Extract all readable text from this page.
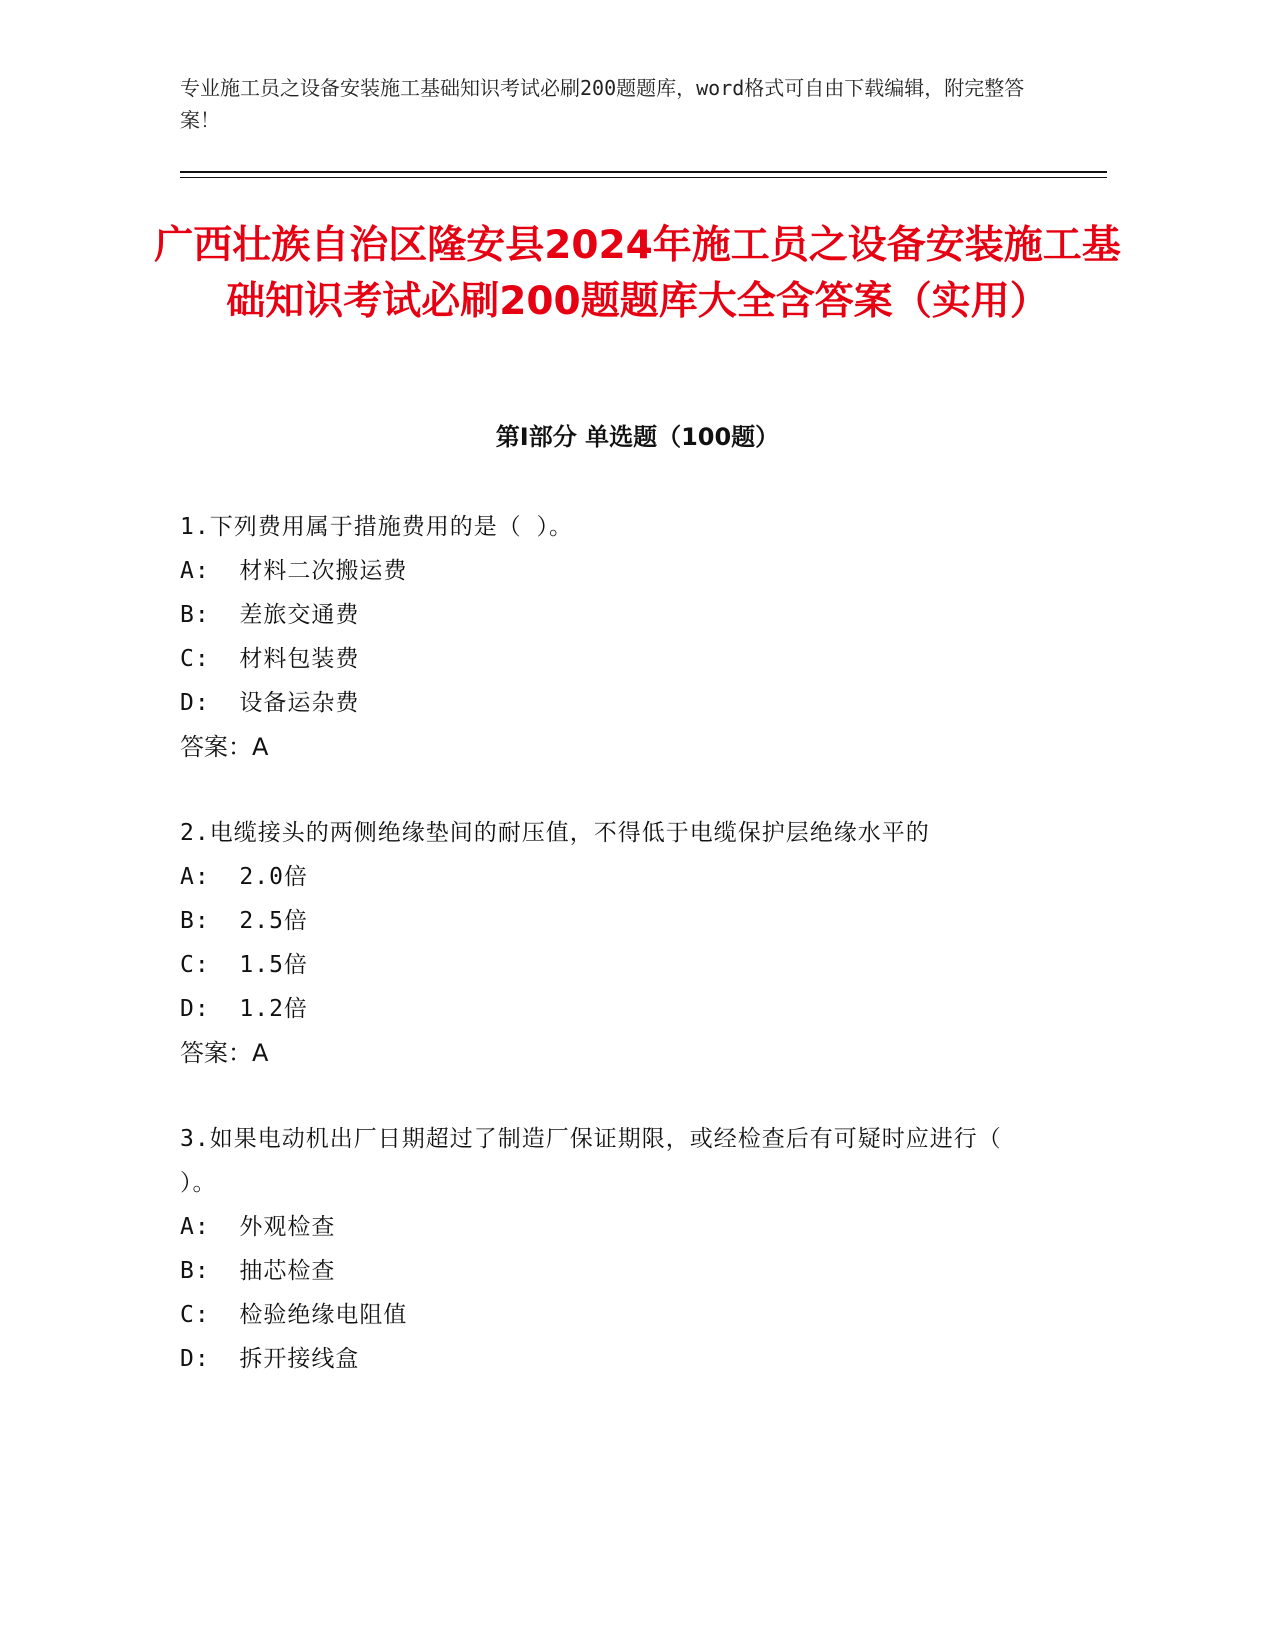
专业施工员之设备安装施工基础知识考试必刷200题题库，word格式可自由下载编辑，附完整答案！
广西壮族自治区隆安县2024年施工员之设备安装施工基础知识考试必刷200题题库大全含答案（实用）
第I部分 单选题（100题）
1.下列费用属于措施费用的是（ ）。
A:  材料二次搬运费
B:  差旅交通费
C:  材料包装费
D:  设备运杂费
答案：A
2.电缆接头的两侧绝缘垫间的耐压值，不得低于电缆保护层绝缘水平的
A:  2.0倍
B:  2.5倍
C:  1.5倍
D:  1.2倍
答案：A
3.如果电动机出厂日期超过了制造厂保证期限，或经检查后有可疑时应进行（ ）。
A:  外观检查
B:  抽芯检查
C:  检验绝缘电阻值
D:  拆开接线盒
